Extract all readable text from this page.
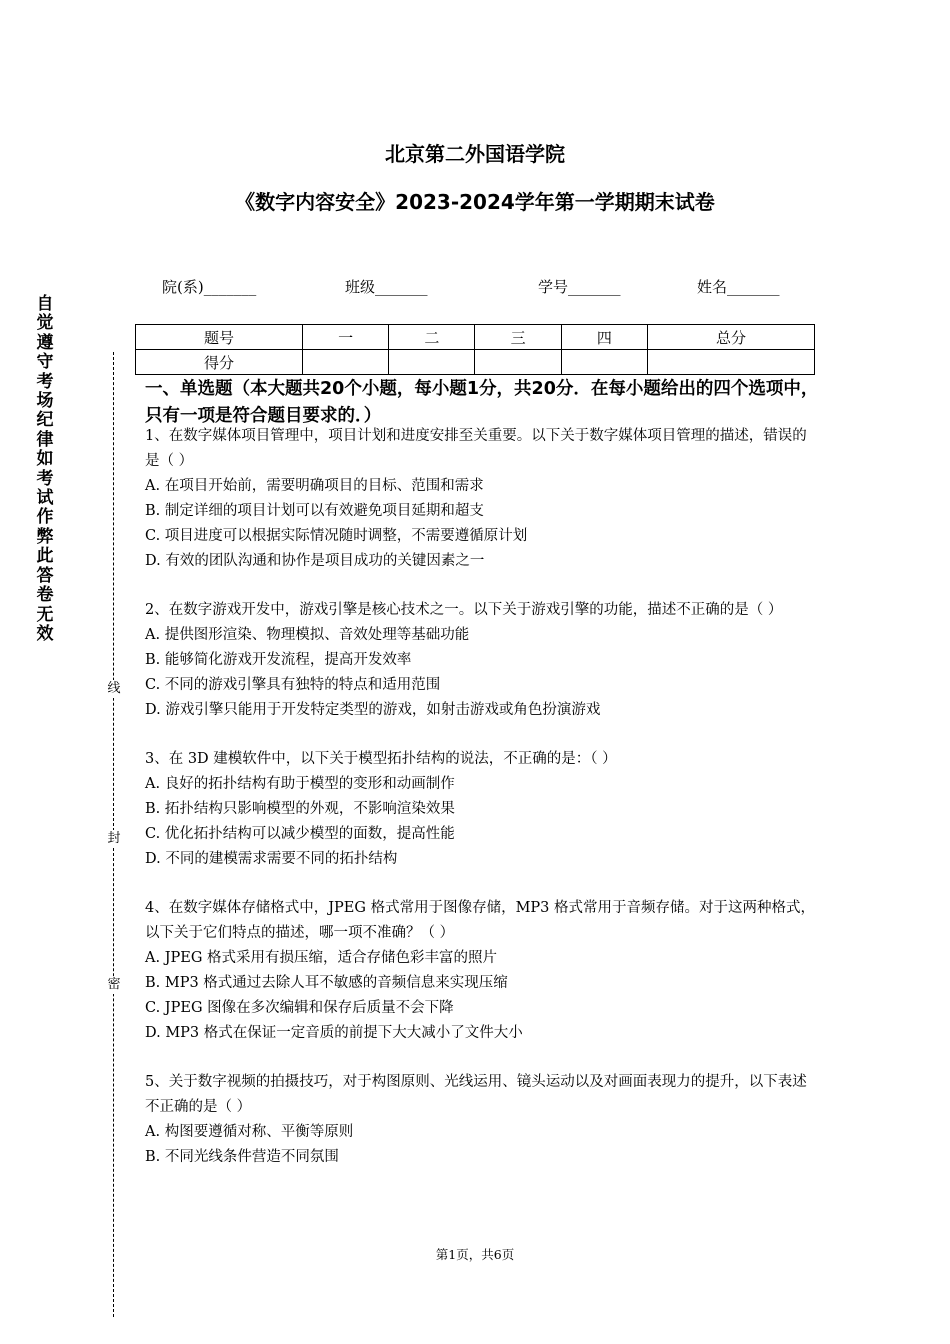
北京第二外国语学院
《数字内容安全》2023-2024学年第一学期期末试卷
院(系)_______	班级_______	学号_______	姓名_______
题号	一	二	三	四	总分
得分					
自觉遵守考场纪律如考试作弊此答卷无效
线
封
密
一、单选题（本大题共20个小题，每小题1分，共20分．在每小题给出的四个选项中，只有一项是符合题目要求的．）

1、在数字媒体项目管理中，项目计划和进度安排至关重要。以下关于数字媒体项目管理的描述，错误的是（ ）

A. 在项目开始前，需要明确项目的目标、范围和需求

B. 制定详细的项目计划可以有效避免项目延期和超支

C. 项目进度可以根据实际情况随时调整，不需要遵循原计划

D. 有效的团队沟通和协作是项目成功的关键因素之一

2、在数字游戏开发中，游戏引擎是核心技术之一。以下关于游戏引擎的功能，描述不正确的是（ ）

A. 提供图形渲染、物理模拟、音效处理等基础功能

B. 能够简化游戏开发流程，提高开发效率

C. 不同的游戏引擎具有独特的特点和适用范围

D. 游戏引擎只能用于开发特定类型的游戏，如射击游戏或角色扮演游戏

3、在 3D 建模软件中，以下关于模型拓扑结构的说法，不正确的是：（ ）

A. 良好的拓扑结构有助于模型的变形和动画制作

B. 拓扑结构只影响模型的外观，不影响渲染效果

C. 优化拓扑结构可以减少模型的面数，提高性能

D. 不同的建模需求需要不同的拓扑结构

4、在数字媒体存储格式中，JPEG 格式常用于图像存储，MP3 格式常用于音频存储。对于这两种格式，以下关于它们特点的描述，哪一项不准确？（ ）

A. JPEG 格式采用有损压缩，适合存储色彩丰富的照片

B. MP3 格式通过去除人耳不敏感的音频信息来实现压缩

C. JPEG 图像在多次编辑和保存后质量不会下降

D. MP3 格式在保证一定音质的前提下大大减小了文件大小

5、关于数字视频的拍摄技巧，对于构图原则、光线运用、镜头运动以及对画面表现力的提升，以下表述不正确的是（ ）

A. 构图要遵循对称、平衡等原则

B. 不同光线条件营造不同氛围

第1页，共6页
